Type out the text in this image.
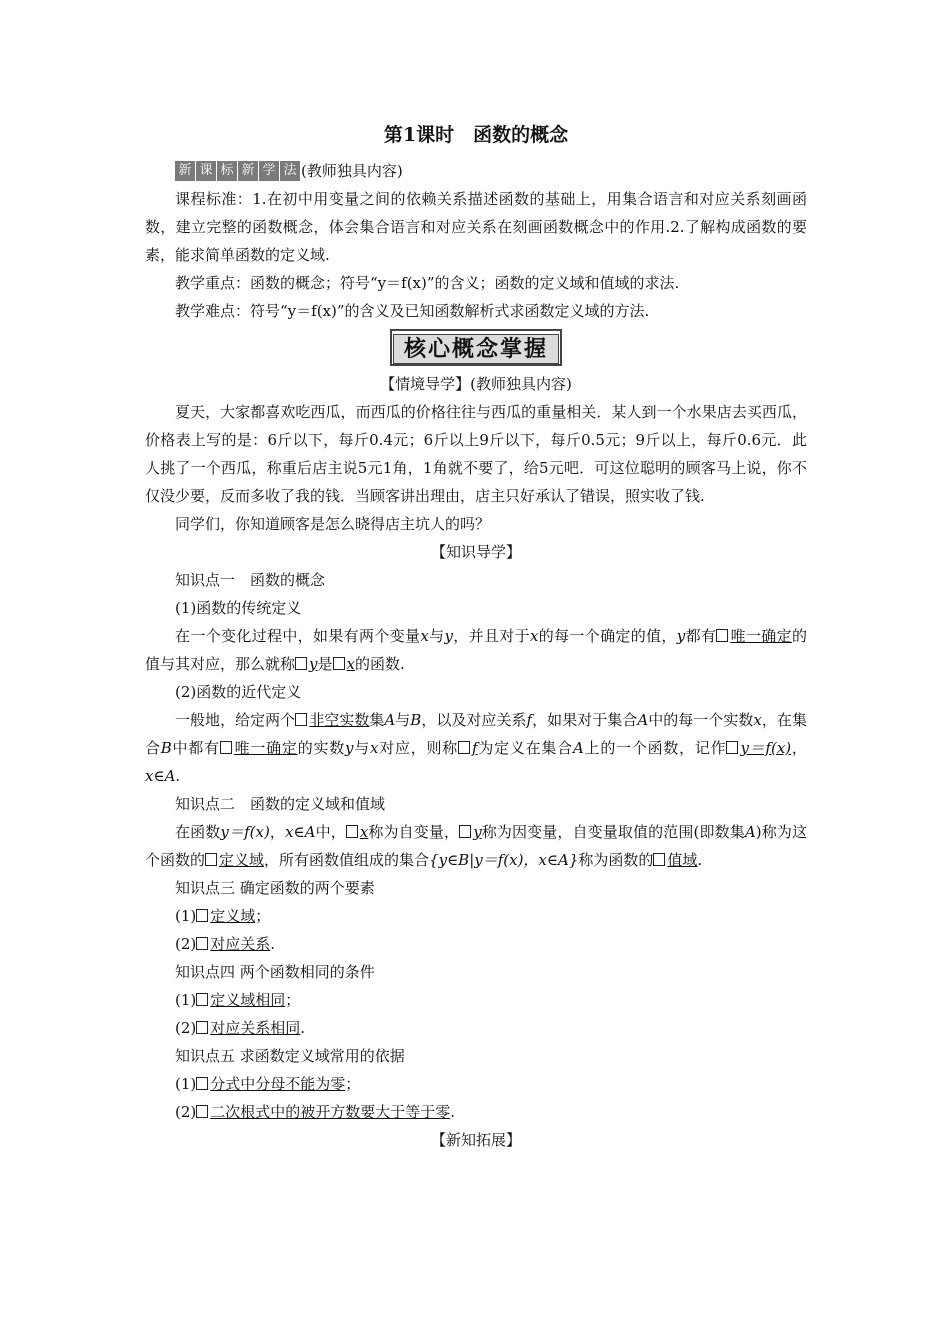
第1课时　函数的概念
新 课 标 新 学 法 (教师独具内容)
课程标准：1.在初中用变量之间的依赖关系描述函数的基础上，用集合语言和对应关系刻画函数，建立完整的函数概念，体会集合语言和对应关系在刻画函数概念中的作用.2.了解构成函数的要素，能求简单函数的定义域.
教学重点：函数的概念；符号“y＝f(x)”的含义；函数的定义域和值域的求法.
教学难点：符号“y＝f(x)”的含义及已知函数解析式求函数定义域的方法.
核心概念掌握
【情境导学】(教师独具内容)
夏天，大家都喜欢吃西瓜，而西瓜的价格往往与西瓜的重量相关．某人到一个水果店去买西瓜，价格表上写的是：6斤以下，每斤0.4元；6斤以上9斤以下，每斤0.5元；9斤以上，每斤0.6元．此人挑了一个西瓜，称重后店主说5元1角，1角就不要了，给5元吧．可这位聪明的顾客马上说，你不仅没少要，反而多收了我的钱．当顾客讲出理由，店主只好承认了错误，照实收了钱.
同学们，你知道顾客是怎么晓得店主坑人的吗？
【知识导学】
知识点一　函数的概念
(1)函数的传统定义
在一个变化过程中，如果有两个变量x与y，并且对于x的每一个确定的值，y都有 唯一确定的值与其对应，那么就称 y是 x的函数.
(2)函数的近代定义
一般地，给定两个 非空实数集A与B，以及对应关系f，如果对于集合A中的每一个实数x，在集合B中都有 唯一确定的实数y与x对应，则称 f为定义在集合A上的一个函数，记作 y＝f(x)，x∈A.
知识点二　函数的定义域和值域
在函数y＝f(x)，x∈A中， x称为自变量， y称为因变量，自变量取值的范围(即数集A)称为这个函数的 定义域，所有函数值组成的集合{y∈B|y＝f(x)，x∈A}称为函数的 值域.
知识点三 确定函数的两个要素
(1) 定义域；
(2) 对应关系.
知识点四 两个函数相同的条件
(1) 定义域相同；
(2) 对应关系相同.
知识点五 求函数定义域常用的依据
(1) 分式中分母不能为零；
(2) 二次根式中的被开方数要大于等于零.
【新知拓展】
